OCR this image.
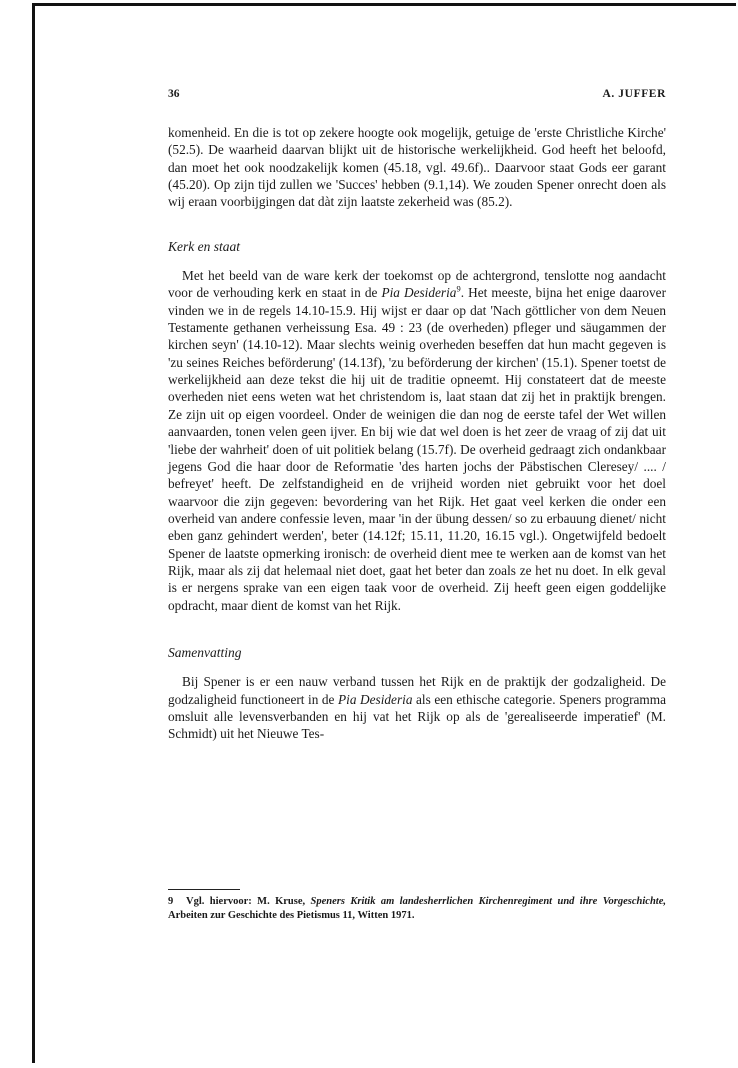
36	A. JUFFER

komenheid. En die is tot op zekere hoogte ook mogelijk, getuige de 'erste Christliche Kirche' (52.5). De waarheid daarvan blijkt uit de historische werkelijkheid. God heeft het beloofd, dan moet het ook noodzakelijk komen (45.18, vgl. 49.6f).. Daarvoor staat Gods eer garant (45.20). Op zijn tijd zullen we 'Succes' hebben (9.1,14). We zouden Spener onrecht doen als wij eraan voorbijgingen dat dàt zijn laatste zekerheid was (85.2).

Kerk en staat

Met het beeld van de ware kerk der toekomst op de achtergrond, tenslotte nog aandacht voor de verhouding kerk en staat in de Pia Desideria$^9$. Het meeste, bijna het enige daarover vinden we in de regels 14.10-15.9. Hij wijst er daar op dat 'Nach göttlicher von dem Neuen Testamente gethanen verheissung Esa. 49 : 23 (de overheden) pfleger und säugammen der kirchen seyn' (14.10-12). Maar slechts weinig overheden beseffen dat hun macht gegeven is 'zu seines Reiches beförderung' (14.13f), 'zu beförderung der kirchen' (15.1). Spener toetst de werkelijkheid aan deze tekst die hij uit de traditie opneemt. Hij constateert dat de meeste overheden niet eens weten wat het christendom is, laat staan dat zij het in praktijk brengen. Ze zijn uit op eigen voordeel. Onder de weinigen die dan nog de eerste tafel der Wet willen aanvaarden, tonen velen geen ijver. En bij wie dat wel doen is het zeer de vraag of zij dat uit 'liebe der wahrheit' doen of uit politiek belang (15.7f). De overheid gedraagt zich ondankbaar jegens God die haar door de Reformatie 'des harten jochs der Päbstischen Cleresey/ .... / befreyet' heeft. De zelfstandigheid en de vrijheid worden niet gebruikt voor het doel waarvoor die zijn gegeven: bevordering van het Rijk. Het gaat veel kerken die onder een overheid van andere confessie leven, maar 'in der übung dessen/ so zu erbauung dienet/ nicht eben ganz gehindert werden', beter (14.12f; 15.11, 11.20, 16.15 vgl.). Ongetwijfeld bedoelt Spener de laatste opmerking ironisch: de overheid dient mee te werken aan de komst van het Rijk, maar als zij dat helemaal niet doet, gaat het beter dan zoals ze het nu doet. In elk geval is er nergens sprake van een eigen taak voor de overheid. Zij heeft geen eigen goddelijke opdracht, maar dient de komst van het Rijk.

Samenvatting

Bij Spener is er een nauw verband tussen het Rijk en de praktijk der godzaligheid. De godzaligheid functioneert in de Pia Desideria als een ethische categorie. Speners programma omsluit alle levensverbanden en hij vat het Rijk op als de 'gerealiseerde imperatief' (M. Schmidt) uit het Nieuwe Tes-

9 Vgl. hiervoor: M. Kruse, Speners Kritik am landesherrlichen Kirchenregiment und ihre Vorgeschichte, Arbeiten zur Geschichte des Pietismus 11, Witten 1971.
